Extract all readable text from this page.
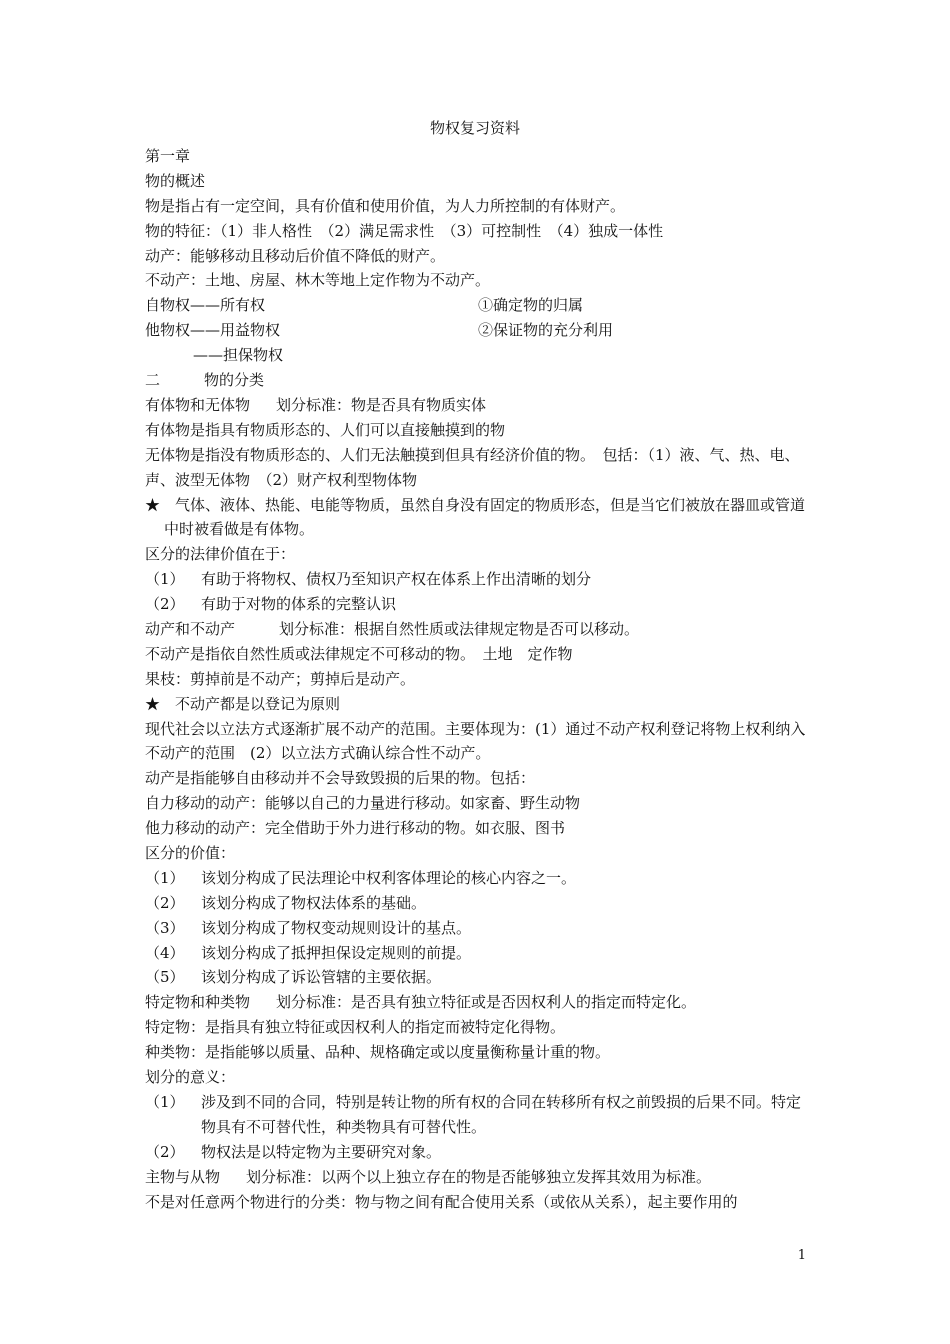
物权复习资料
第一章
物的概述
物是指占有一定空间，具有价值和使用价值，为人力所控制的有体财产。
物的特征：（1）非人格性　（2）满足需求性　（3）可控制性　（4）独成一体性
动产：能够移动且移动后价值不降低的财产。
不动产：土地、房屋、林木等地上定作物为不动产。
自物权——所有权	①确定物的归属
他物权——用益物权	②保证物的充分利用
——担保物权
二	物的分类
有体物和无体物 划分标准：物是否具有物质实体
有体物是指具有物质形态的、人们可以直接触摸到的物
无体物是指没有物质形态的、人们无法触摸到但具有经济价值的物。　包括：（1）液、气、热、电、声、波型无体物　（2）财产权利型物体物
★　气体、液体、热能、电能等物质，虽然自身没有固定的物质形态，但是当它们被放在器皿或管道中时被看做是有体物。
区分的法律价值在于：
（1） 有助于将物权、债权乃至知识产权在体系上作出清晰的划分
（2） 有助于对物的体系的完整认识
动产和不动产	划分标准：根据自然性质或法律规定物是否可以移动。
不动产是指依自然性质或法律规定不可移动的物。　土地　定作物
果枝：剪掉前是不动产；剪掉后是动产。
★　不动产都是以登记为原则
现代社会以立法方式逐渐扩展不动产的范围。主要体现为：(1）通过不动产权利登记将物上权利纳入不动产的范围　(2）以立法方式确认综合性不动产。
动产是指能够自由移动并不会导致毁损的后果的物。包括：
自力移动的动产：能够以自己的力量进行移动。如家畜、野生动物
他力移动的动产：完全借助于外力进行移动的物。如衣服、图书
区分的价值：
（1） 该划分构成了民法理论中权利客体理论的核心内容之一。
（2） 该划分构成了物权法体系的基础。
（3） 该划分构成了物权变动规则设计的基点。
（4） 该划分构成了抵押担保设定规则的前提。
（5） 该划分构成了诉讼管辖的主要依据。
特定物和种类物 划分标准：是否具有独立特征或是否因权利人的指定而特定化。
特定物：是指具有独立特征或因权利人的指定而被特定化得物。
种类物：是指能够以质量、品种、规格确定或以度量衡称量计重的物。
划分的意义：
（1） 涉及到不同的合同，特别是转让物的所有权的合同在转移所有权之前毁损的后果不同。特定物具有不可替代性，种类物具有可替代性。
（2） 物权法是以特定物为主要研究对象。
主物与从物 划分标准：以两个以上独立存在的物是否能够独立发挥其效用为标准。
不是对任意两个物进行的分类：物与物之间有配合使用关系（或依从关系），起主要作用的
1
